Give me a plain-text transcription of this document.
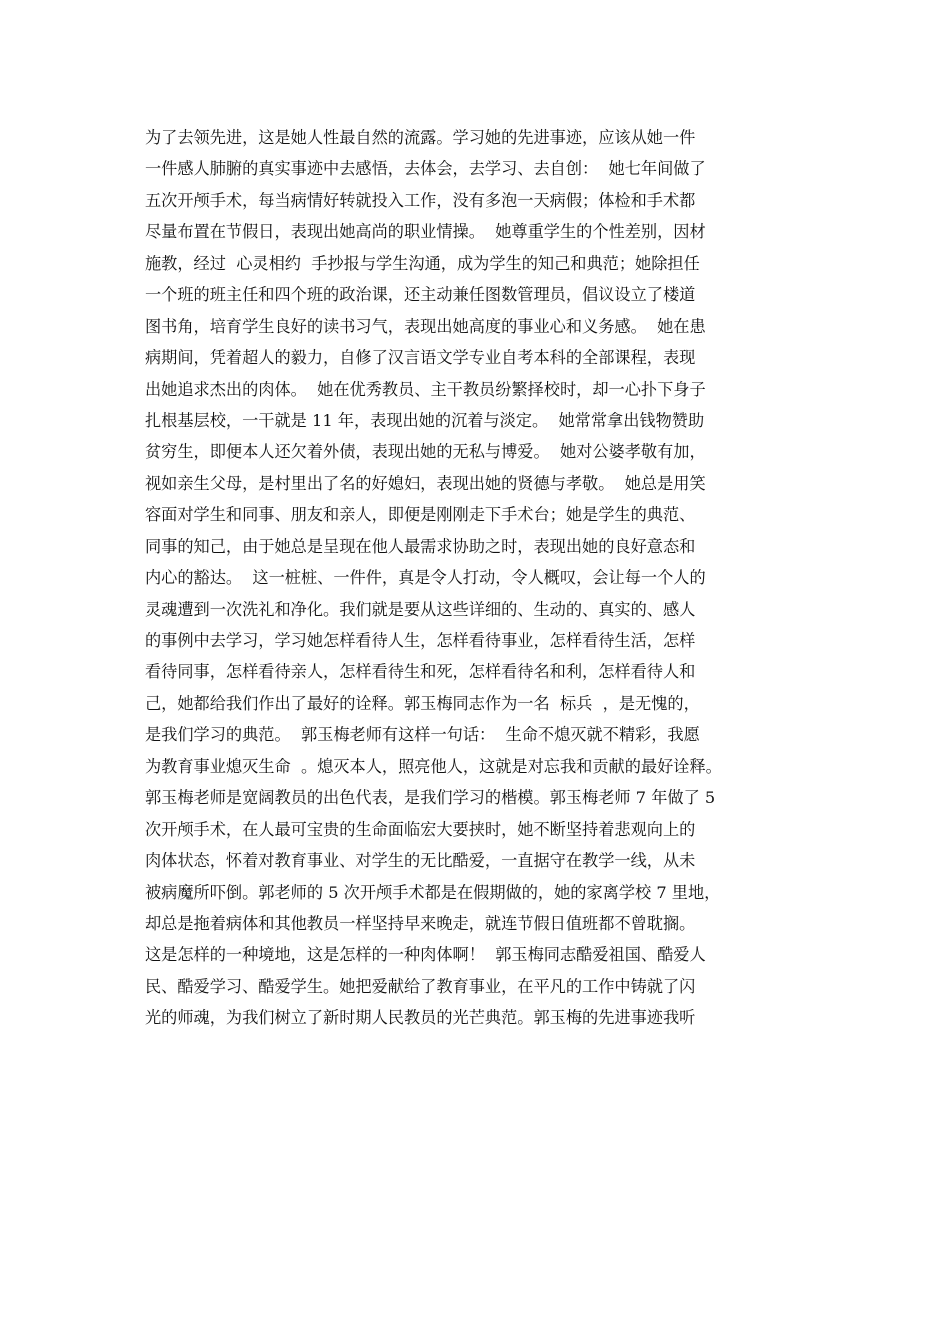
为了去领先进，这是她人性最自然的流露。学习她的先进事迹，应该从她一件
一件感人肺腑的真实事迹中去感悟，去体会，去学习、去自创：  她七年间做了
五次开颅手术，每当病情好转就投入工作，没有多泡一天病假；体检和手术都
尽量布置在节假日，表现出她高尚的职业情操。  她尊重学生的个性差别，因材
施教，经过  心灵相约  手抄报与学生沟通，成为学生的知己和典范；她除担任
一个班的班主任和四个班的政治课，还主动兼任图数管理员，倡议设立了楼道
图书角，培育学生良好的读书习气，表现出她高度的事业心和义务感。  她在患
病期间，凭着超人的毅力，自修了汉言语文学专业自考本科的全部课程，表现
出她追求杰出的肉体。  她在优秀教员、主干教员纷繁择校时，却一心扑下身子
扎根基层校，一干就是 11 年，表现出她的沉着与淡定。  她常常拿出钱物赞助
贫穷生，即便本人还欠着外债，表现出她的无私与博爱。  她对公婆孝敬有加，
视如亲生父母，是村里出了名的好媳妇，表现出她的贤德与孝敬。  她总是用笑
容面对学生和同事、朋友和亲人，即便是刚刚走下手术台；她是学生的典范、
同事的知己，由于她总是呈现在他人最需求协助之时，表现出她的良好意态和
内心的豁达。  这一桩桩、一件件，真是令人打动，令人概叹，会让每一个人的
灵魂遭到一次洗礼和净化。我们就是要从这些详细的、生动的、真实的、感人
的事例中去学习，学习她怎样看待人生，怎样看待事业，怎样看待生活，怎样
看待同事，怎样看待亲人，怎样看待生和死，怎样看待名和利，怎样看待人和
己，她都给我们作出了最好的诠释。郭玉梅同志作为一名  标兵  ，是无愧的，
是我们学习的典范。  郭玉梅老师有这样一句话：  生命不熄灭就不精彩，我愿
为教育事业熄灭生命  。熄灭本人，照亮他人，这就是对忘我和贡献的最好诠释。
郭玉梅老师是宽阔教员的出色代表，是我们学习的楷模。郭玉梅老师 7 年做了 5
次开颅手术，在人最可宝贵的生命面临宏大要挟时，她不断坚持着悲观向上的
肉体状态，怀着对教育事业、对学生的无比酷爱，一直据守在教学一线，从未
被病魔所吓倒。郭老师的 5 次开颅手术都是在假期做的，她的家离学校 7 里地，
却总是拖着病体和其他教员一样坚持早来晚走，就连节假日值班都不曾耽搁。
这是怎样的一种境地，这是怎样的一种肉体啊！  郭玉梅同志酷爱祖国、酷爱人
民、酷爱学习、酷爱学生。她把爱献给了教育事业，在平凡的工作中铸就了闪
光的师魂，为我们树立了新时期人民教员的光芒典范。郭玉梅的先进事迹我听
